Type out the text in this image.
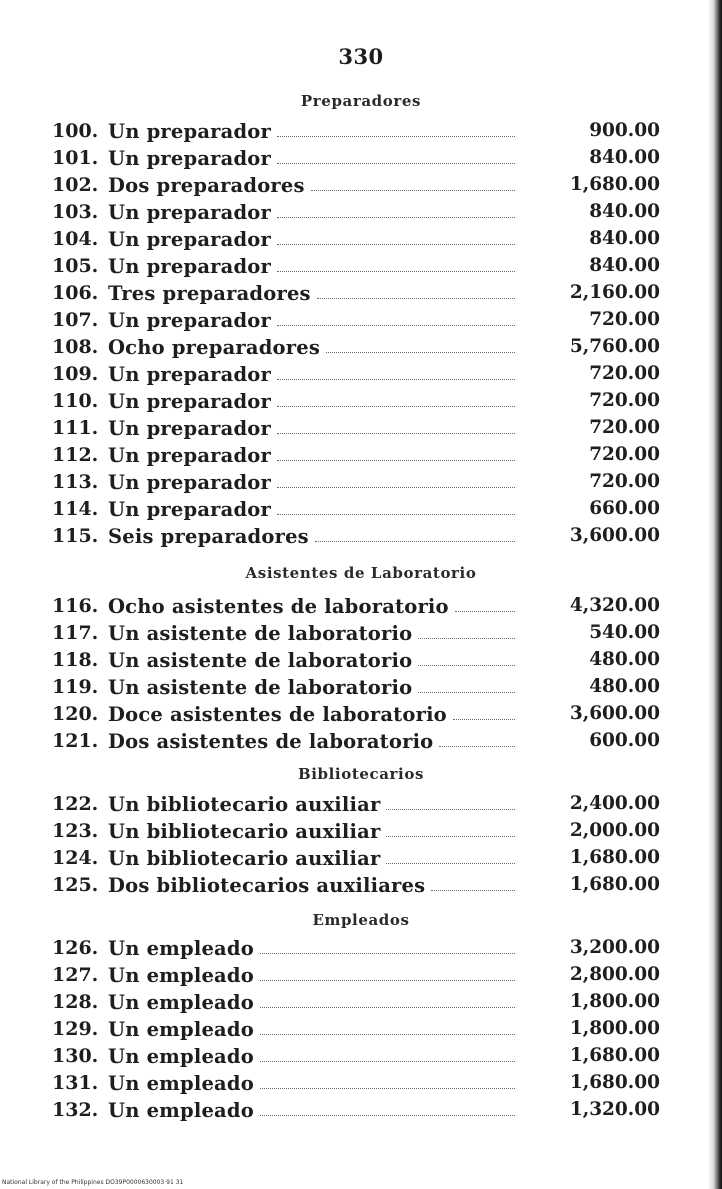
330
Preparadores
100. Un preparador	900.00
101. Un preparador	840.00
102. Dos preparadores	1,680.00
103. Un preparador	840.00
104. Un preparador	840.00
105. Un preparador	840.00
106. Tres preparadores	2,160.00
107. Un preparador	720.00
108. Ocho preparadores	5,760.00
109. Un preparador	720.00
110. Un preparador	720.00
111. Un preparador	720.00
112. Un preparador	720.00
113. Un preparador	720.00
114. Un preparador	660.00
115. Seis preparadores	3,600.00
Asistentes de Laboratorio
116. Ocho asistentes de laboratorio	4,320.00
117. Un asistente de laboratorio	540.00
118. Un asistente de laboratorio	480.00
119. Un asistente de laboratorio	480.00
120. Doce asistentes de laboratorio	3,600.00
121. Dos asistentes de laboratorio	600.00
Bibliotecarios
122. Un bibliotecario auxiliar	2,400.00
123. Un bibliotecario auxiliar	2,000.00
124. Un bibliotecario auxiliar	1,680.00
125. Dos bibliotecarios auxiliares	1,680.00
Empleados
126. Un empleado	3,200.00
127. Un empleado	2,800.00
128. Un empleado	1,800.00
129. Un empleado	1,800.00
130. Un empleado	1,680.00
131. Un empleado	1,680.00
132. Un empleado	1,320.00
National Library of the Philippines DO39P0000630003 91 31
